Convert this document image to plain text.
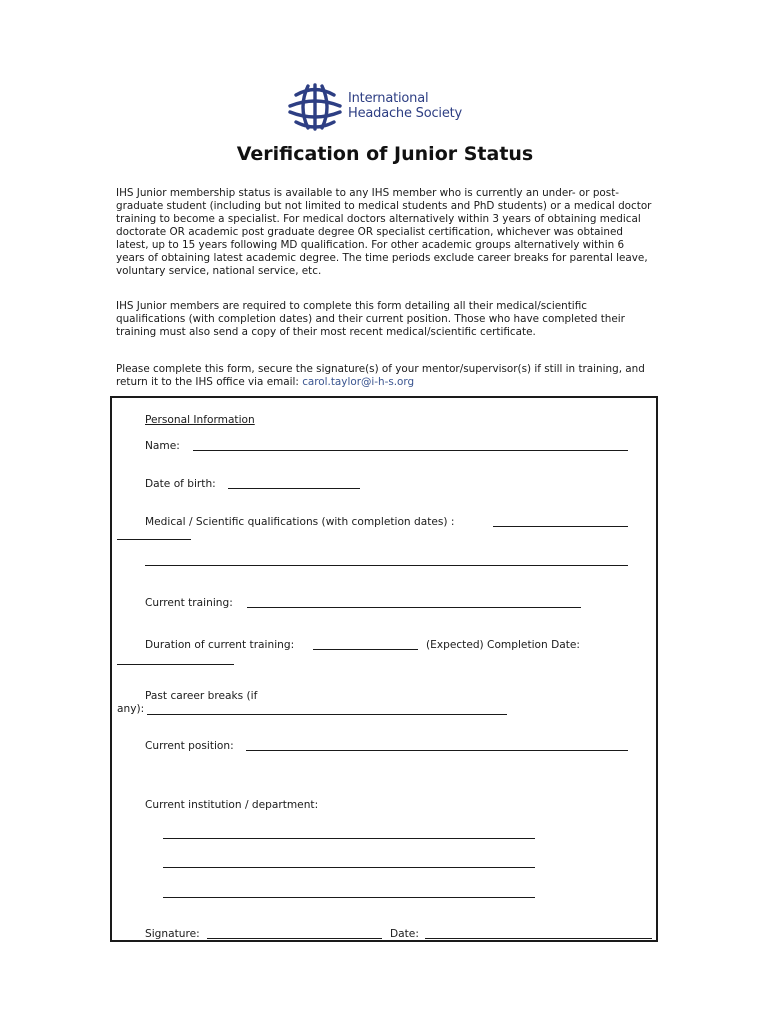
International
Headache Society
Verification of Junior Status

IHS Junior membership status is available to any IHS member who is currently an under- or post-graduate student (including but not limited to medical students and PhD students) or a medical doctor training to become a specialist. For medical doctors alternatively within 3 years of obtaining medical doctorate OR academic post graduate degree OR specialist certification, whichever was obtained latest, up to 15 years following MD qualification. For other academic groups alternatively within 6 years of obtaining latest academic degree. The time periods exclude career breaks for parental leave, voluntary service, national service, etc.

IHS Junior members are required to complete this form detailing all their medical/scientific qualifications (with completion dates) and their current position. Those who have completed their training must also send a copy of their most recent medical/scientific certificate.

Please complete this form, secure the signature(s) of your mentor/supervisor(s) if still in training, and return it to the IHS office via email: carol.taylor@i-h-s.org

Personal Information
Name:
Date of birth:
Medical / Scientific qualifications (with completion dates) :
Current training:
Duration of current training:	(Expected) Completion Date:
Past career breaks (if
any):
Current position:
Current institution / department:
Signature:	Date:
